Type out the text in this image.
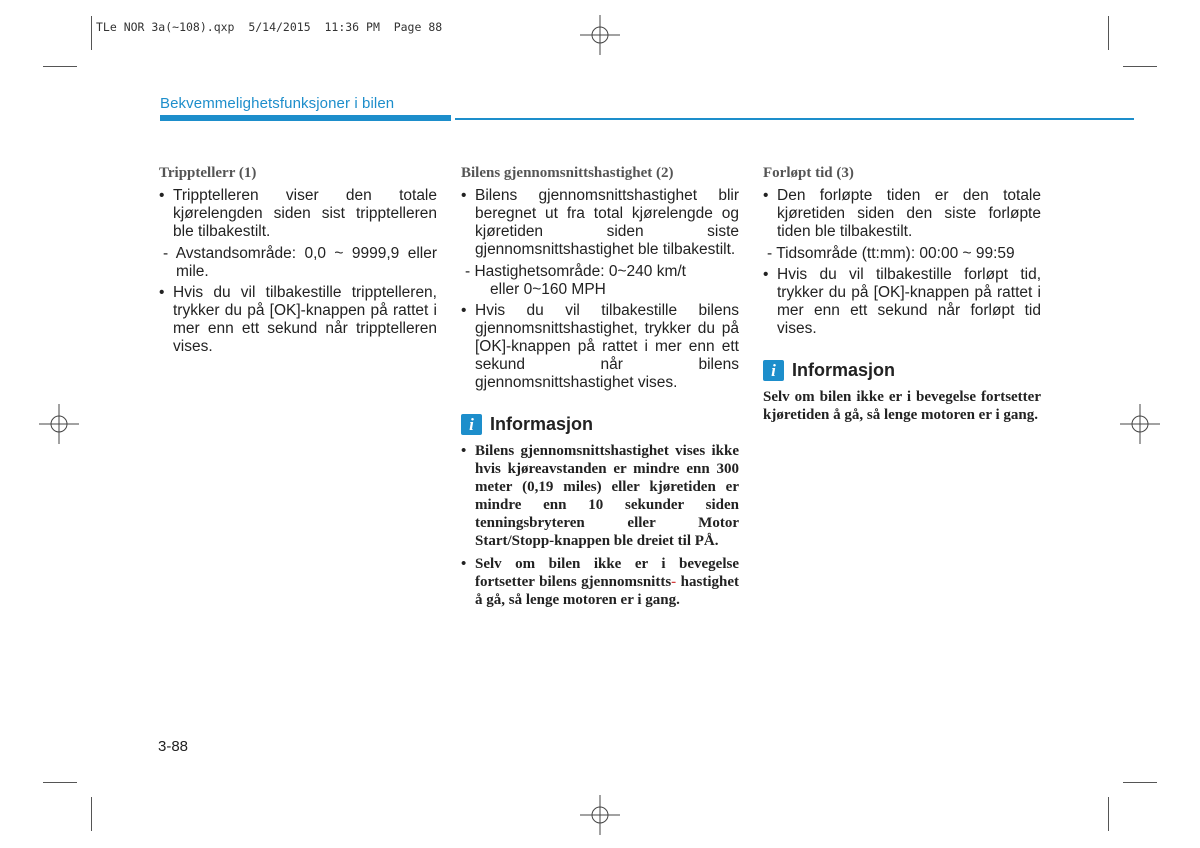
TLe NOR 3a(~108).qxp  5/14/2015  11:36 PM  Page 88
Bekvemmelighetsfunksjoner i bilen
Tripptellerr (1)
• Tripptelleren viser den totale kjørelengden siden sist tripptelleren ble tilbakestilt.
- Avstandsområde: 0,0 ~ 9999,9 eller mile.
• Hvis du vil tilbakestille tripptelleren, trykker du på [OK]-knappen på rattet i mer enn ett sekund når tripptelleren vises.
Bilens gjennomsnittshastighet (2)
• Bilens gjennomsnittshastighet blir beregnet ut fra total kjørelengde og kjøretiden siden siste gjennomsnittshastighet ble tilbakestilt.
- Hastighetsområde: 0~240 km/t
eller 0~160 MPH
• Hvis du vil tilbakestille bilens gjennomsnittshastighet, trykker du på [OK]-knappen på rattet i mer enn ett sekund når bilens gjennomsnittshastighet vises.
i Informasjon
• Bilens gjennomsnittshastighet vises ikke hvis kjøreavstanden er mindre enn 300 meter (0,19 miles) eller kjøretiden er mindre enn 10 sekunder siden tenningsbryteren eller Motor Start/Stopp-knappen ble dreiet til PÅ.
• Selv om bilen ikke er i bevegelse fortsetter bilens gjennomsnitts- hastighet å gå, så lenge motoren er i gang.
Forløpt tid (3)
• Den forløpte tiden er den totale kjøretiden siden den siste forløpte tiden ble tilbakestilt.
- Tidsområde (tt:mm): 00:00 ~ 99:59
• Hvis du vil tilbakestille forløpt tid, trykker du på [OK]-knappen på rattet i mer enn ett sekund når forløpt tid vises.
i Informasjon

Selv om bilen ikke er i bevegelse fortsetter kjøretiden å gå, så lenge motoren er i gang.

3-88
